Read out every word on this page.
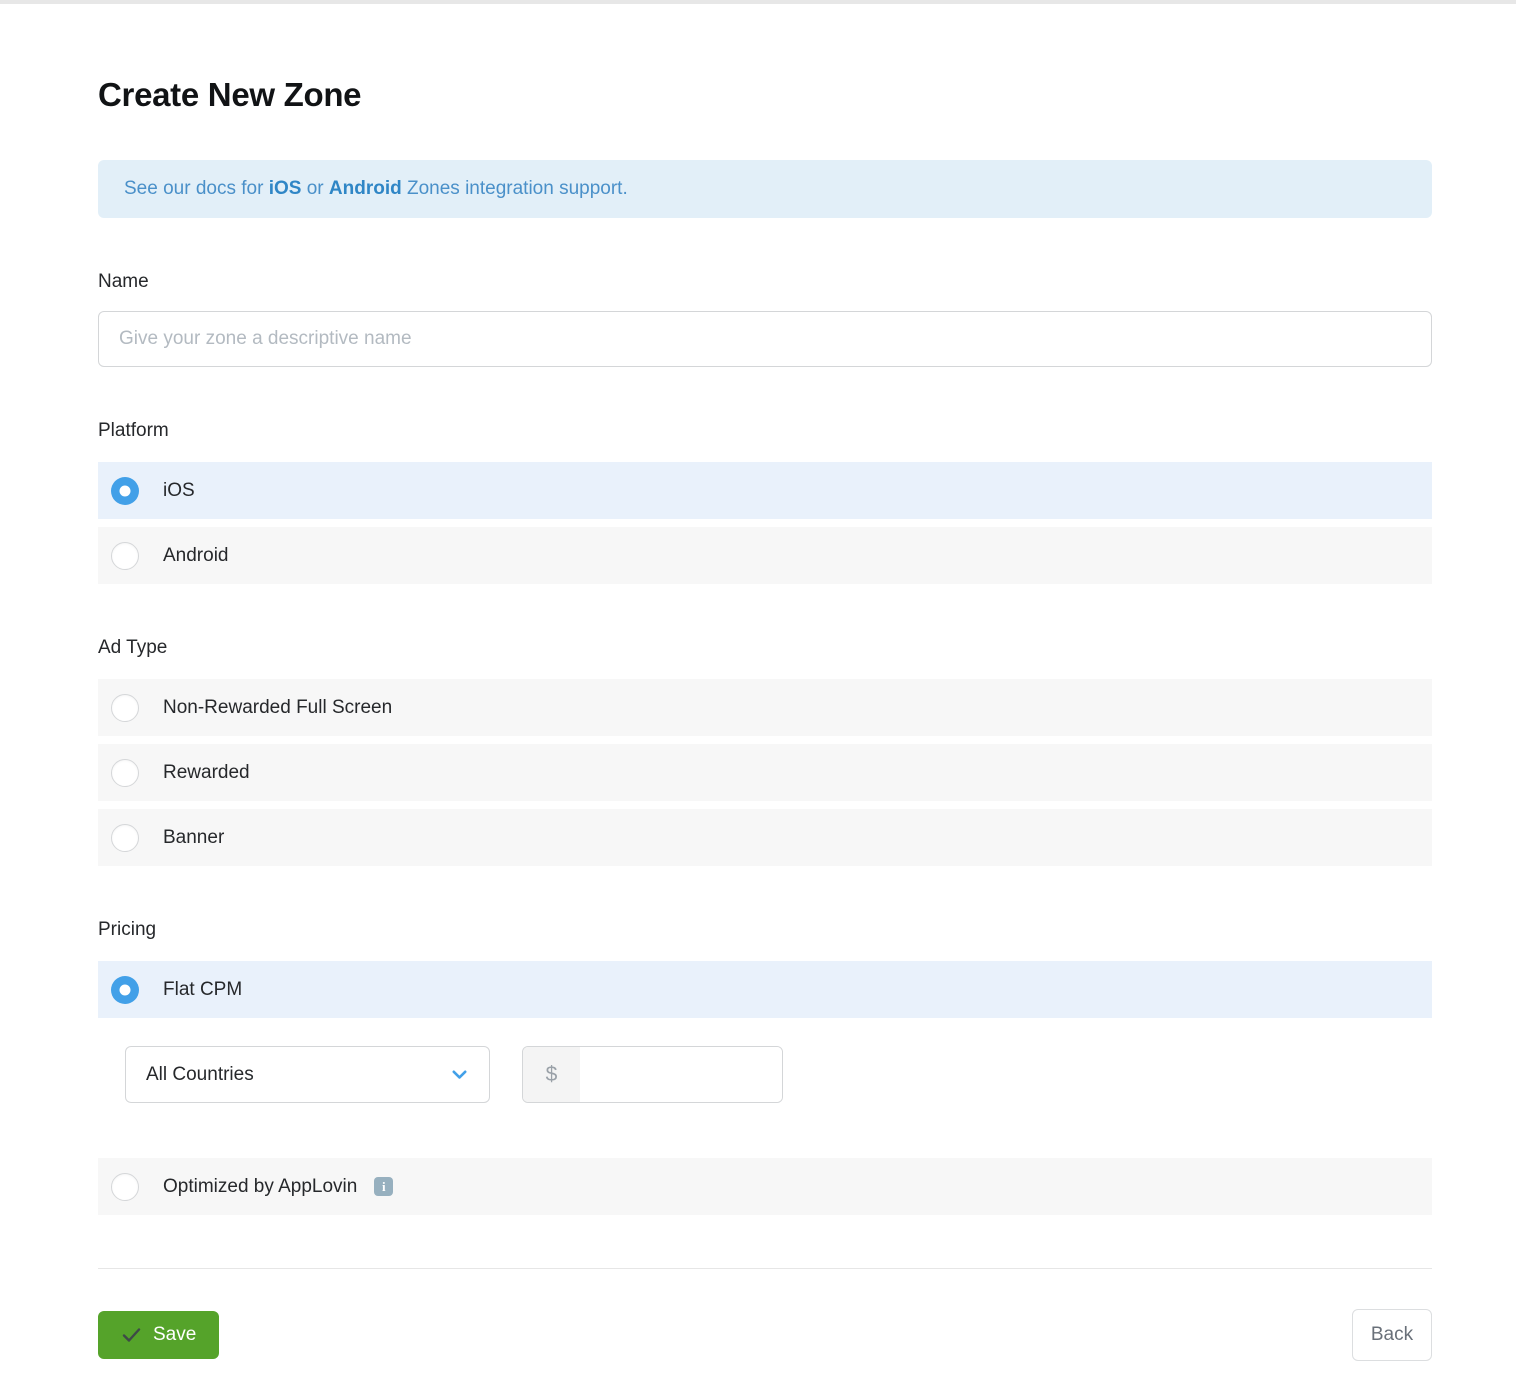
Create New Zone
See our docs for iOS or Android Zones integration support.
Name
Give your zone a descriptive name
Platform
iOS
Android
Ad Type
Non-Rewarded Full Screen
Rewarded
Banner
Pricing
Flat CPM
All Countries	$
Optimized by AppLovin	i
Save	Back
